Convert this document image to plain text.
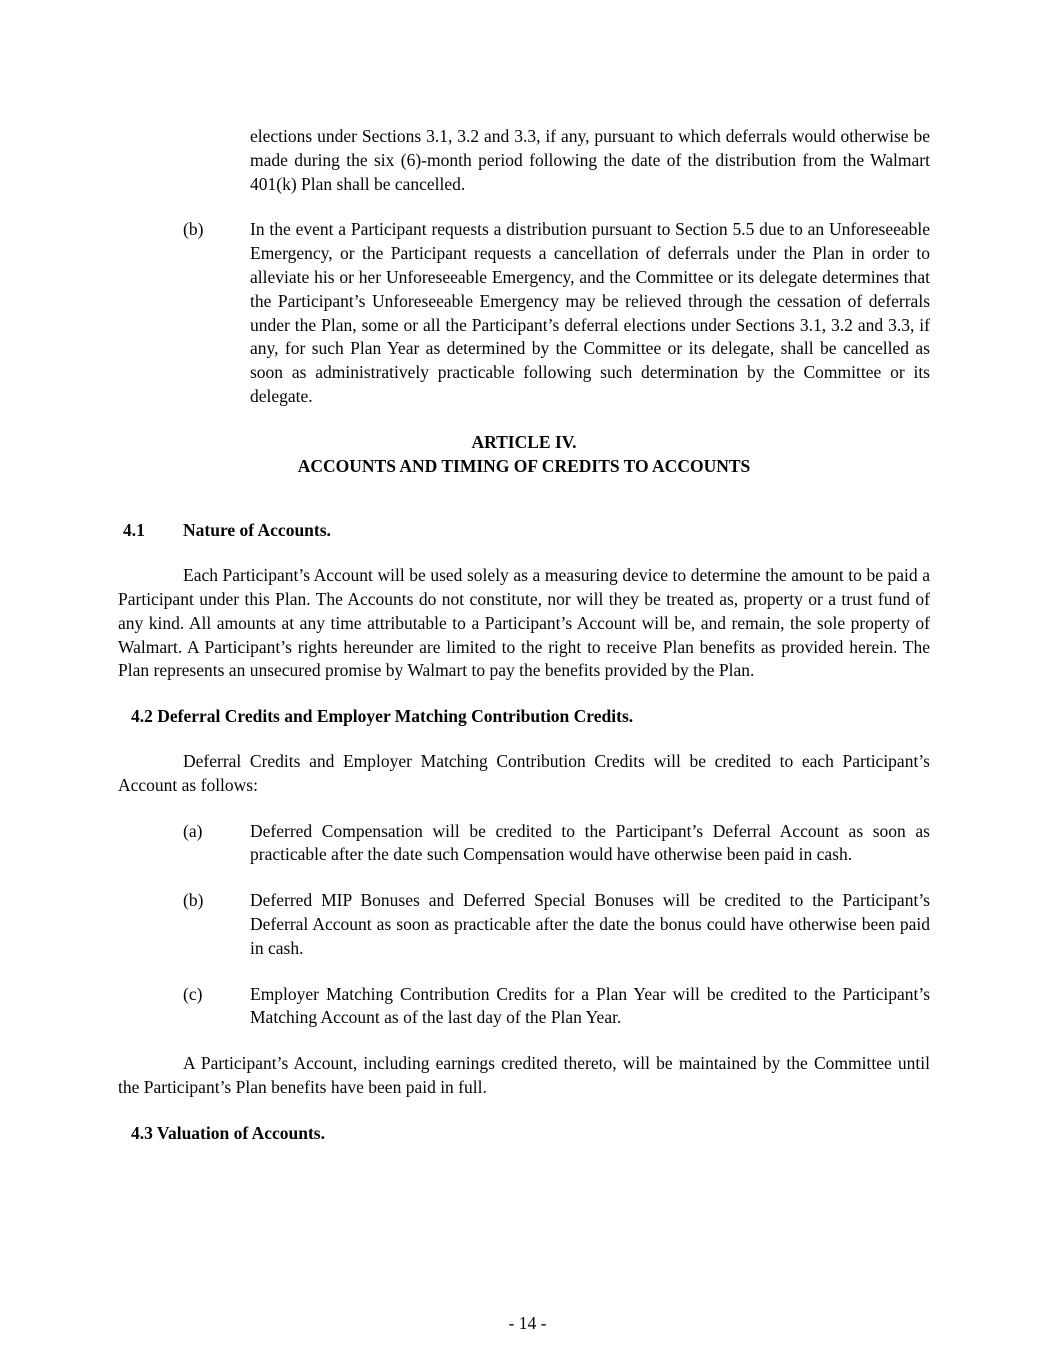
elections under Sections 3.1, 3.2 and 3.3, if any, pursuant to which deferrals would otherwise be made during the six (6)-month period following the date of the distribution from the Walmart 401(k) Plan shall be cancelled.

(b)	In the event a Participant requests a distribution pursuant to Section 5.5 due to an Unforeseeable Emergency, or the Participant requests a cancellation of deferrals under the Plan in order to alleviate his or her Unforeseeable Emergency, and the Committee or its delegate determines that the Participant’s Unforeseeable Emergency may be relieved through the cessation of deferrals under the Plan, some or all the Participant’s deferral elections under Sections 3.1, 3.2 and 3.3, if any, for such Plan Year as determined by the Committee or its delegate, shall be cancelled as soon as administratively practicable following such determination by the Committee or its delegate.

ARTICLE IV.
ACCOUNTS AND TIMING OF CREDITS TO ACCOUNTS
4.1 Nature of Accounts.

Each Participant’s Account will be used solely as a measuring device to determine the amount to be paid a Participant under this Plan. The Accounts do not constitute, nor will they be treated as, property or a trust fund of any kind. All amounts at any time attributable to a Participant’s Account will be, and remain, the sole property of Walmart. A Participant’s rights hereunder are limited to the right to receive Plan benefits as provided herein. The Plan represents an unsecured promise by Walmart to pay the benefits provided by the Plan.

4.2 Deferral Credits and Employer Matching Contribution Credits.

Deferral Credits and Employer Matching Contribution Credits will be credited to each Participant’s Account as follows:

(a)	Deferred Compensation will be credited to the Participant’s Deferral Account as soon as practicable after the date such Compensation would have otherwise been paid in cash.

(b)	Deferred MIP Bonuses and Deferred Special Bonuses will be credited to the Participant’s Deferral Account as soon as practicable after the date the bonus could have otherwise been paid in cash.

(c)	Employer Matching Contribution Credits for a Plan Year will be credited to the Participant’s Matching Account as of the last day of the Plan Year.

A Participant’s Account, including earnings credited thereto, will be maintained by the Committee until the Participant’s Plan benefits have been paid in full.

4.3 Valuation of Accounts.
- 14 -
